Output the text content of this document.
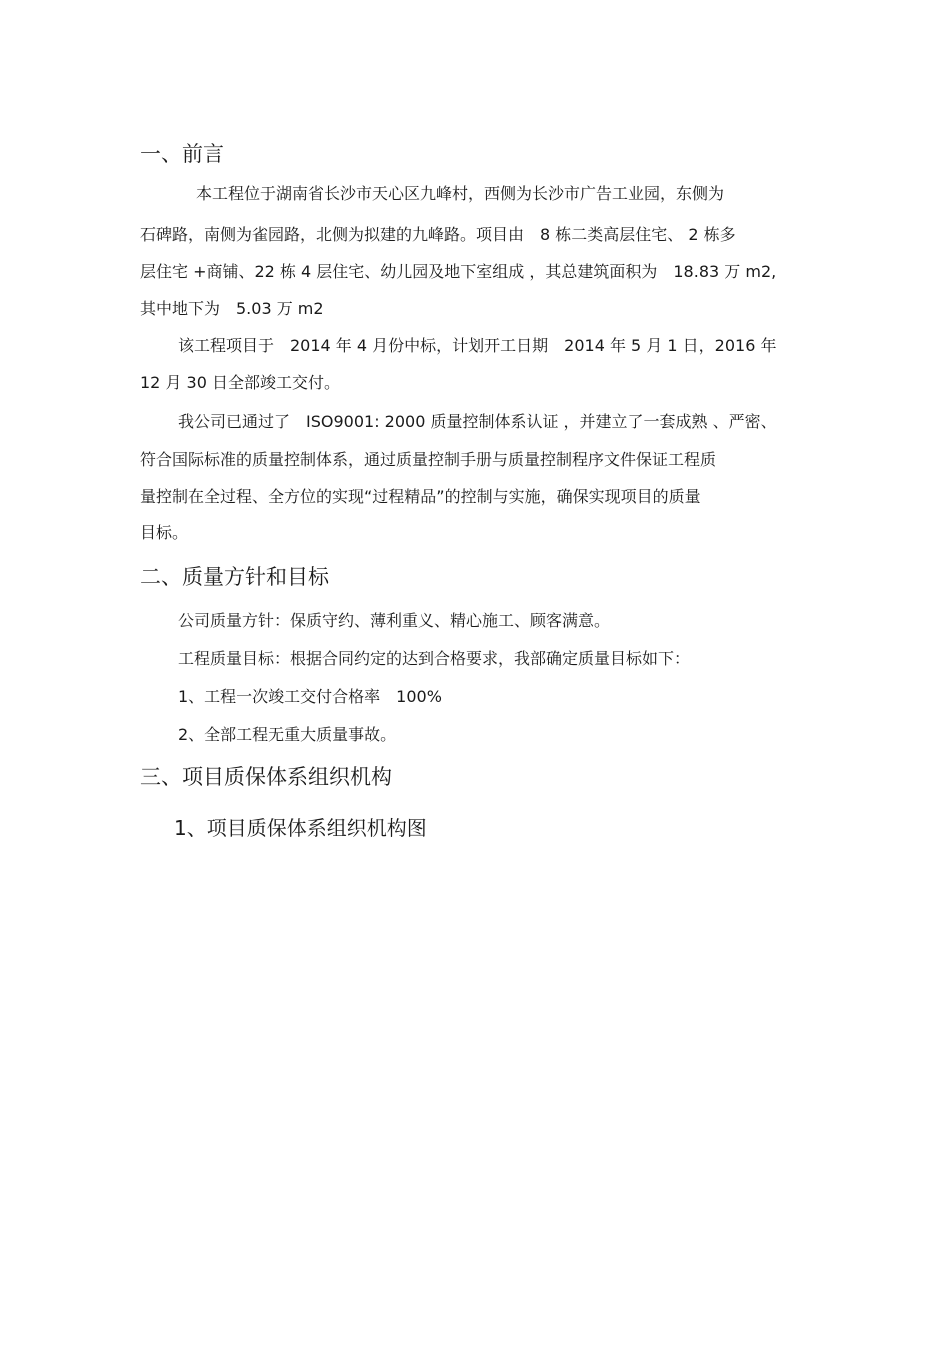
一、前言
本工程位于湖南省长沙市天心区九峰村，西侧为长沙市广告工业园，东侧为
石碑路，南侧为雀园路，北侧为拟建的九峰路。项目由　8 栋二类高层住宅、 2 栋多
层住宅 +商铺、22 栋 4 层住宅、幼儿园及地下室组成 ，其总建筑面积为　18.83 万 m2,
其中地下为　5.03 万 m2
该工程项目于　2014 年 4 月份中标，计划开工日期　2014 年 5 月 1 日，2016 年
12 月 30 日全部竣工交付。
我公司已通过了　ISO9001: 2000 质量控制体系认证 ，并建立了一套成熟 、严密、
符合国际标准的质量控制体系，通过质量控制手册与质量控制程序文件保证工程质
量控制在全过程、全方位的实现“过程精品”的控制与实施，确保实现项目的质量
目标。
二、质量方针和目标
公司质量方针：保质守约、薄利重义、精心施工、顾客满意。
工程质量目标：根据合同约定的达到合格要求，我部确定质量目标如下：
1、工程一次竣工交付合格率　100%
2、全部工程无重大质量事故。
三、项目质保体系组织机构
1、项目质保体系组织机构图
